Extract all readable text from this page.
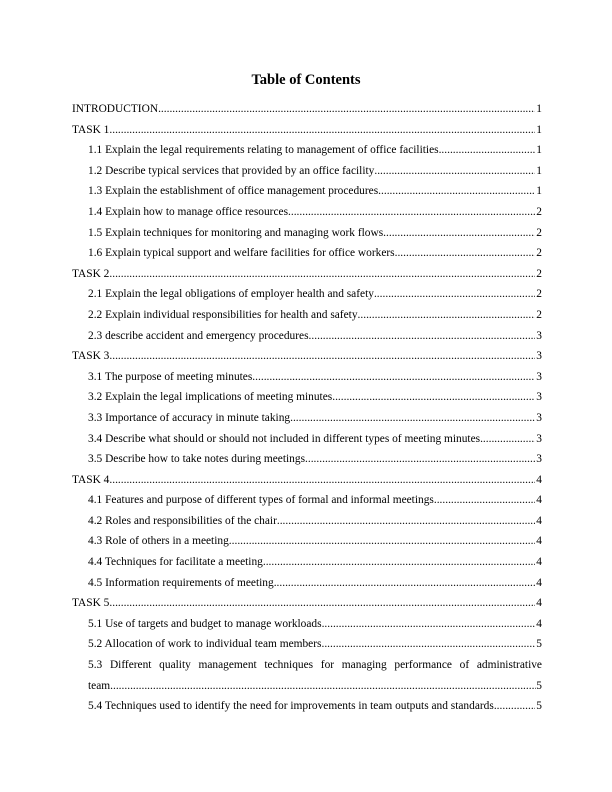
Table of Contents
INTRODUCTION .....	1
TASK 1 .....	1
1.1 Explain the legal requirements relating to management of office facilities .....	1
1.2 Describe typical services that provided by an office facility .....	1
1.3 Explain the establishment of office management procedures .....	1
1.4 Explain how to manage office resources .....	2
1.5 Explain techniques for monitoring and managing work flows .....	2
1.6 Explain typical support and welfare facilities for office workers .....	2
TASK 2 .....	2
2.1 Explain the legal obligations of employer health and safety .....	2
2.2 Explain individual responsibilities for health and safety .....	2
2.3 describe accident and emergency procedures .....	3
TASK 3 .....	3
3.1 The purpose of meeting minutes .....	3
3.2 Explain the legal implications of meeting minutes .....	3
3.3 Importance of accuracy in minute taking .....	3
3.4 Describe what should or should not included in different types of meeting minutes .....	3
3.5 Describe how to take notes during meetings .....	3
TASK 4 .....	4
4.1 Features and purpose of different types of formal and informal meetings .....	4
4.2 Roles and responsibilities of the chair .....	4
4.3 Role of others in a meeting .....	4
4.4 Techniques for facilitate a meeting .....	4
4.5 Information requirements of meeting .....	4
TASK 5 .....	4
5.1 Use of targets and budget to manage workloads .....	4
5.2 Allocation of work to individual team members .....	5
5.3 Different quality management techniques for managing performance of administrative
team .....	5
5.4 Techniques used to identify the need for improvements in team outputs and standards .....	5
